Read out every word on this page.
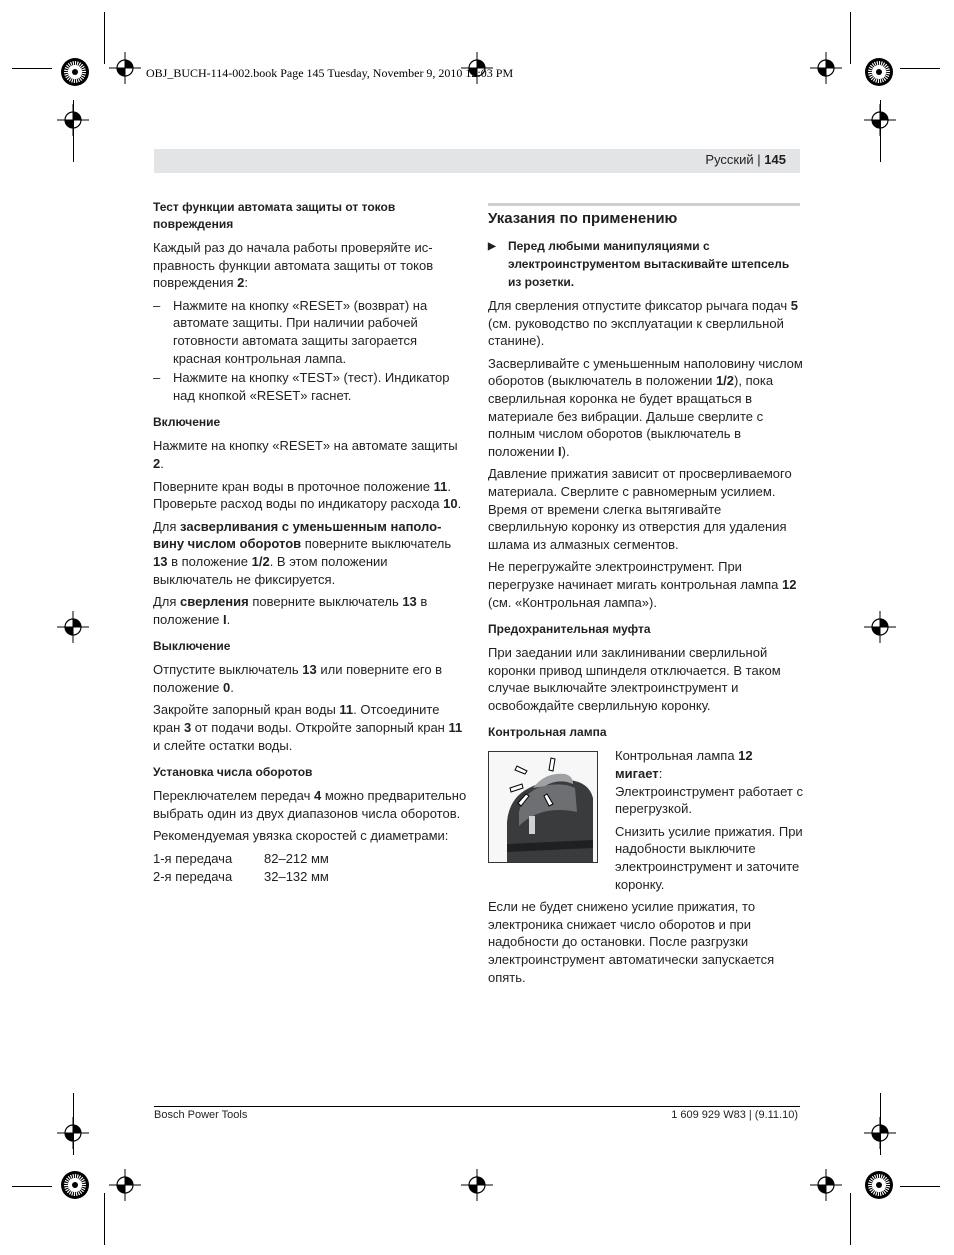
OBJ_BUCH-114-002.book Page 145 Tuesday, November 9, 2010 12:03 PM
Русский | 145
Тест функции автомата защиты от токов повреждения

Каждый раз до начала работы проверяйте исправность функции автомата защиты от токов повреждения 2:

– Нажмите на кнопку «RESET» (возврат) на автомате защиты. При наличии рабочей готовности автомата защиты загорается красная контрольная лампа.
– Нажмите на кнопку «TEST» (тест). Индикатор над кнопкой «RESET» гаснет.
Включение

Нажмите на кнопку «RESET» на автомате защиты 2.

Поверните кран воды в проточное положение 11. Проверьте расход воды по индикатору расхода 10.

Для засверливания с уменьшенным наполовину числом оборотов поверните выключатель 13 в положение 1/2. В этом положении выключатель не фиксируется.

Для сверления поверните выключатель 13 в положение I.

Выключение

Отпустите выключатель 13 или поверните его в положение 0.

Закройте запорный кран воды 11. Отсоедините кран 3 от подачи воды. Откройте запорный кран 11 и слейте остатки воды.

Установка числа оборотов

Переключателем передач 4 можно предварительно выбрать один из двух диапазонов числа оборотов.

Рекомендуемая увязка скоростей с диаметрами:

1-я передача	82–212 мм
2-я передача	32–132 мм
Указания по применению
▶	Перед любыми манипуляциями с электроинструментом вытаскивайте штепсель из розетки.

Для сверления отпустите фиксатор рычага подач 5 (см. руководство по эксплуатации к сверлильной станине).

Засверливайте с уменьшенным наполовину числом оборотов (выключатель в положении 1/2), пока сверлильная коронка не будет вращаться в материале без вибрации. Дальше сверлите с полным числом оборотов (выключатель в положении I).

Давление прижатия зависит от просверливаемого материала. Сверлите с равномерным усилием. Время от времени слегка вытягивайте сверлильную коронку из отверстия для удаления шлама из алмазных сегментов.

Не перегружайте электроинструмент. При перегрузке начинает мигать контрольная лампа 12 (см. «Контрольная лампа»).

Предохранительная муфта

При заедании или заклинивании сверлильной коронки привод шпинделя отключается. В таком случае выключайте электроинструмент и освобождайте сверлильную коронку.

Контрольная лампа

Контрольная лампа 12
мигает:
Электроинструмент работает с перегрузкой.

Снизить усилие прижатия. При надобности выключите электроинструмент и заточите коронку.

Если не будет снижено усилие прижатия, то электроника снижает число оборотов и при надобности до остановки. После разгрузки электроинструмент автоматически запускается опять.

Bosch Power Tools	1 609 929 W83 | (9.11.10)
